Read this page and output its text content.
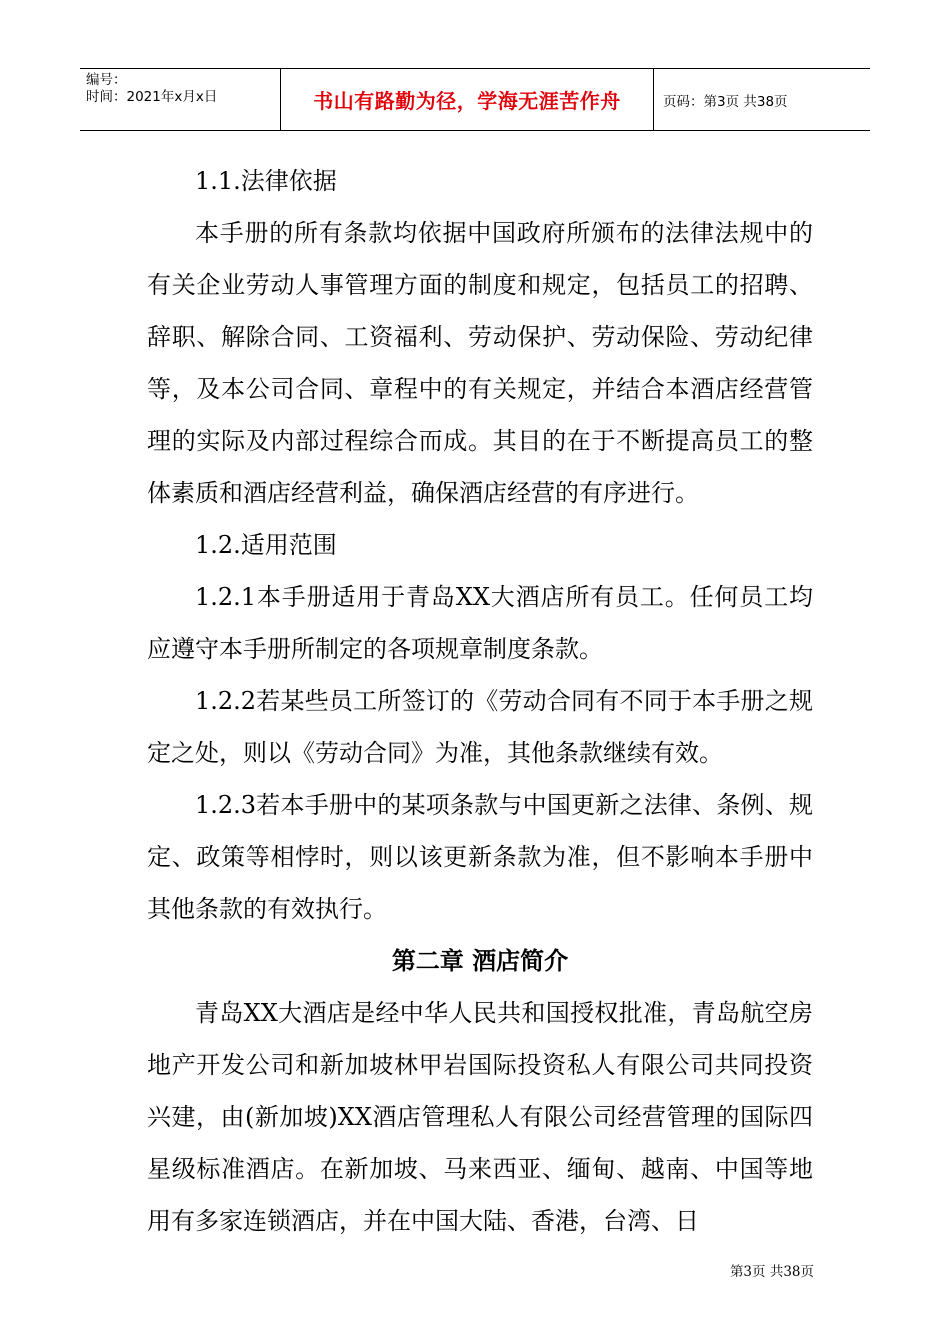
编号：
时间：2021年x月x日	书山有路勤为径，学海无涯苦作舟	页码：第3页 共38页

1.1.法律依据

本手册的所有条款均依据中国政府所颁布的法律法规中的有关企业劳动人事管理方面的制度和规定，包括员工的招聘、辞职、解除合同、工资福利、劳动保护、劳动保险、劳动纪律等，及本公司合同、章程中的有关规定，并结合本酒店经营管理的实际及内部过程综合而成。其目的在于不断提高员工的整体素质和酒店经营利益，确保酒店经营的有序进行。

1.2.适用范围

1.2.1本手册适用于青岛XX大酒店所有员工。任何员工均应遵守本手册所制定的各项规章制度条款。

1.2.2若某些员工所签订的《劳动合同有不同于本手册之规定之处，则以《劳动合同》为准，其他条款继续有效。

1.2.3若本手册中的某项条款与中国更新之法律、条例、规定、政策等相悖时，则以该更新条款为准，但不影响本手册中其他条款的有效执行。

第二章 酒店简介

青岛XX大酒店是经中华人民共和国授权批准，青岛航空房地产开发公司和新加坡林甲岩国际投资私人有限公司共同投资兴建，由(新加坡)XX酒店管理私人有限公司经营管理的国际四星级标准酒店。在新加坡、马来西亚、缅甸、越南、中国等地用有多家连锁酒店，并在中国大陆、香港，台湾、日

第3页 共38页
